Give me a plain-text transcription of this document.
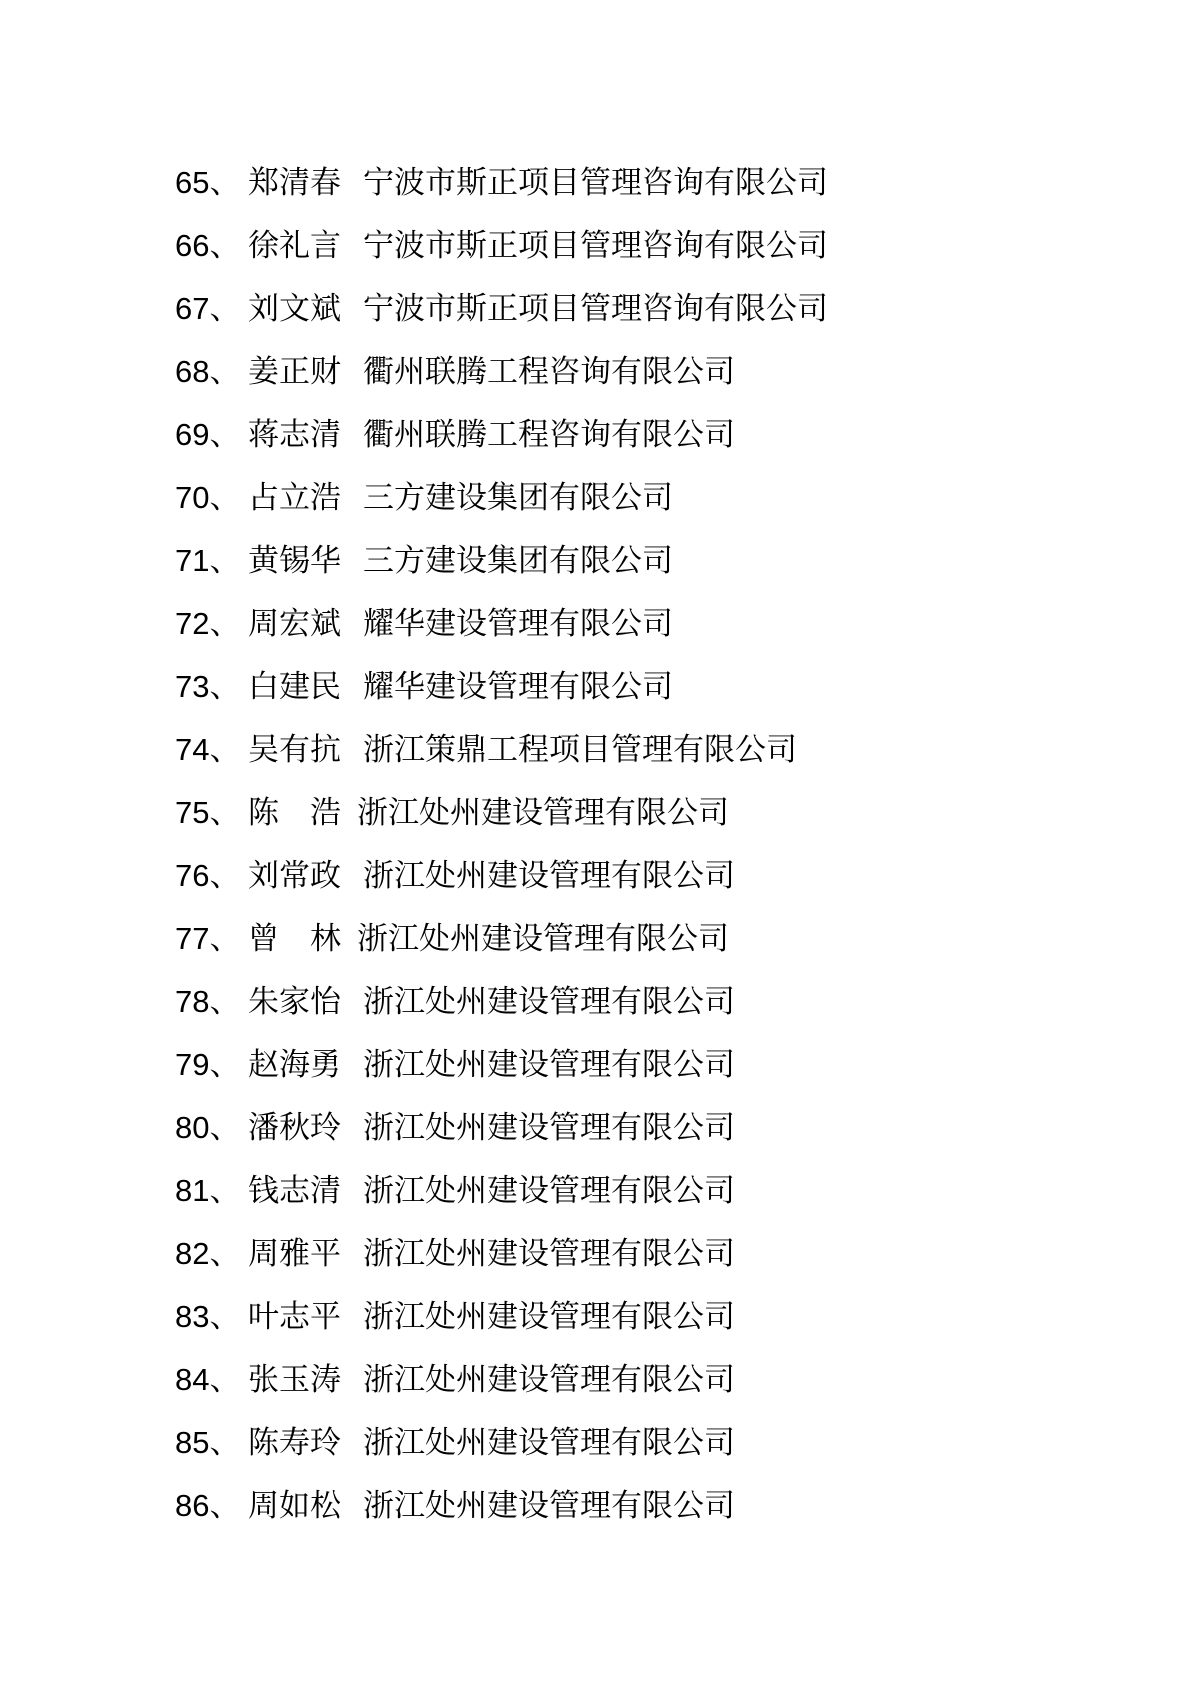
65、 郑清春 宁波市斯正项目管理咨询有限公司
66、 徐礼言 宁波市斯正项目管理咨询有限公司
67、 刘文斌 宁波市斯正项目管理咨询有限公司
68、 姜正财 衢州联腾工程咨询有限公司
69、 蒋志清 衢州联腾工程咨询有限公司
70、 占立浩 三方建设集团有限公司
71、 黄锡华 三方建设集团有限公司
72、 周宏斌 耀华建设管理有限公司
73、 白建民 耀华建设管理有限公司
74、 吴有抗 浙江策鼎工程项目管理有限公司
75、 陈　浩 浙江处州建设管理有限公司
76、 刘常政 浙江处州建设管理有限公司
77、 曾　林 浙江处州建设管理有限公司
78、 朱家怡 浙江处州建设管理有限公司
79、 赵海勇 浙江处州建设管理有限公司
80、 潘秋玲 浙江处州建设管理有限公司
81、 钱志清 浙江处州建设管理有限公司
82、 周雅平 浙江处州建设管理有限公司
83、 叶志平 浙江处州建设管理有限公司
84、 张玉涛 浙江处州建设管理有限公司
85、 陈寿玲 浙江处州建设管理有限公司
86、 周如松 浙江处州建设管理有限公司
